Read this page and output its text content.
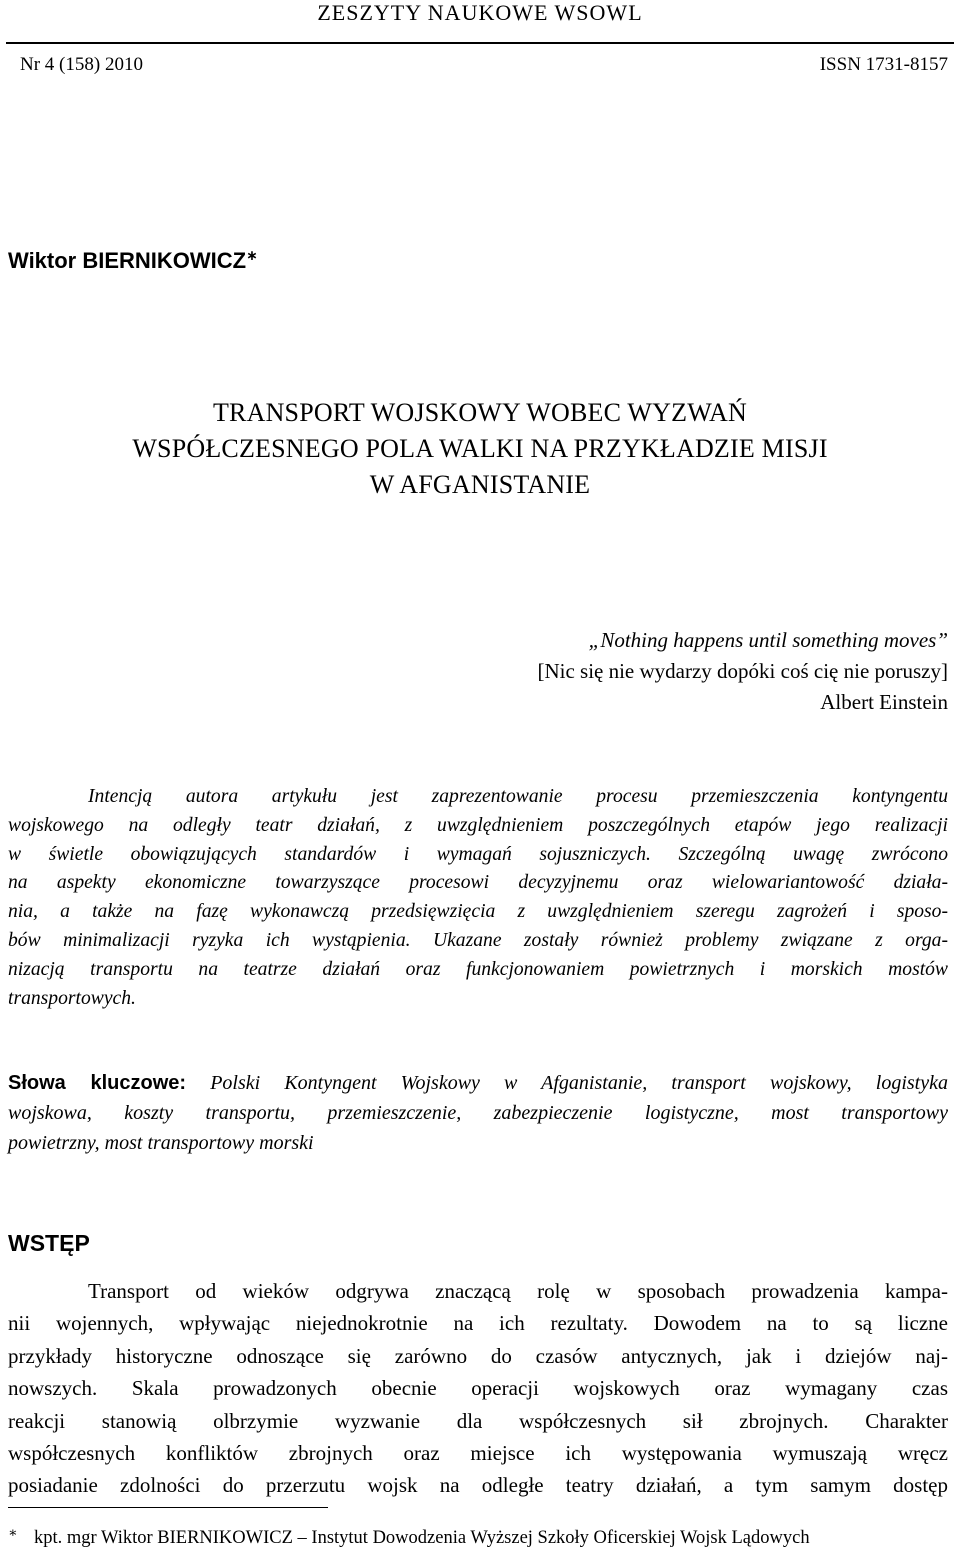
ZESZYTY NAUKOWE WSOWL
Nr 4 (158) 2010	ISSN 1731-8157
Wiktor BIERNIKOWICZ∗
TRANSPORT WOJSKOWY WOBEC WYZWAŃ
WSPÓŁCZESNEGO POLA WALKI NA PRZYKŁADZIE MISJI
W AFGANISTANIE
„Nothing happens until something moves”
[Nic się nie wydarzy dopóki coś cię nie poruszy]
Albert Einstein
Intencją autora artykułu jest zaprezentowanie procesu przemieszczenia kontyngentu
wojskowego na odległy teatr działań, z uwzględnieniem poszczególnych etapów jego realizacji
w świetle obowiązujących standardów i wymagań sojuszniczych. Szczególną uwagę zwrócono
na aspekty ekonomiczne towarzyszące procesowi decyzyjnemu oraz wielowariantowość działa-
nia, a także na fazę wykonawczą przedsięwzięcia z uwzględnieniem szeregu zagrożeń i sposo-
bów minimalizacji ryzyka ich wystąpienia. Ukazane zostały również problemy związane z orga-
nizacją transportu na teatrze działań oraz funkcjonowaniem powietrznych i morskich mostów
transportowych.
Słowa kluczowe: Polski Kontyngent Wojskowy w Afganistanie, transport wojskowy, logistyka
wojskowa, koszty transportu, przemieszczenie, zabezpieczenie logistyczne, most transportowy
powietrzny, most transportowy morski
WSTĘP
Transport od wieków odgrywa znaczącą rolę w sposobach prowadzenia kampa-
nii wojennych, wpływając niejednokrotnie na ich rezultaty. Dowodem na to są liczne
przykłady historyczne odnoszące się zarówno do czasów antycznych, jak i dziejów naj-
nowszych. Skala prowadzonych obecnie operacji wojskowych oraz wymagany czas
reakcji stanowią olbrzymie wyzwanie dla współczesnych sił zbrojnych. Charakter
współczesnych konfliktów zbrojnych oraz miejsce ich występowania wymuszają wręcz
posiadanie zdolności do przerzutu wojsk na odległe teatry działań, a tym samym dostęp
∗ kpt. mgr Wiktor BIERNIKOWICZ – Instytut Dowodzenia Wyższej Szkoły Oficerskiej Wojsk Lądowych
